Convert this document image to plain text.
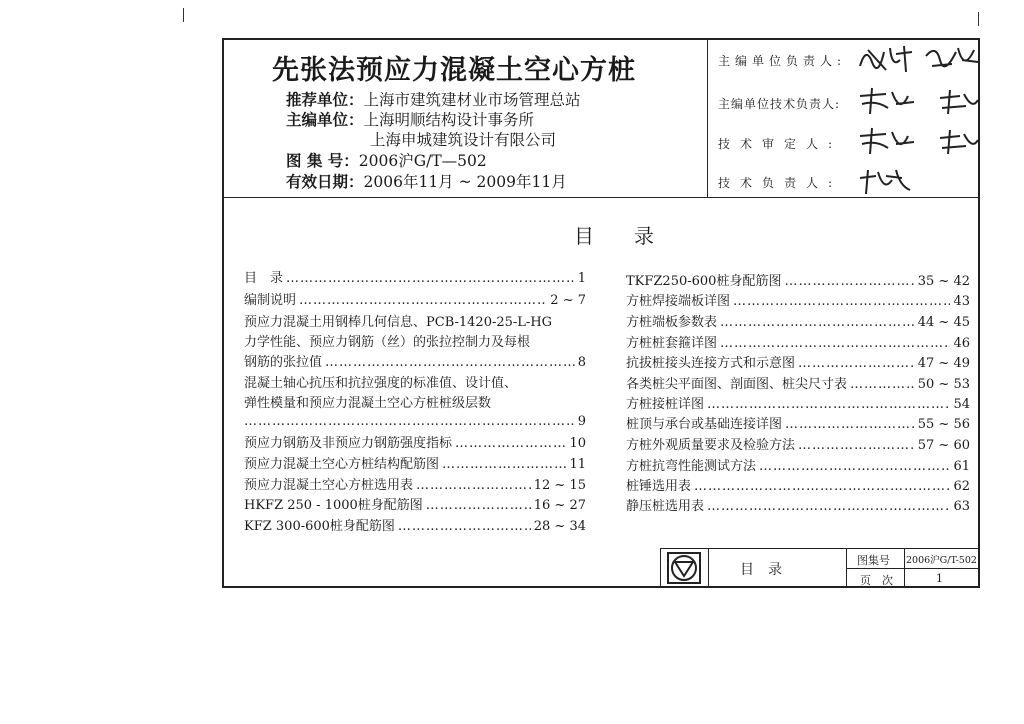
先张法预应力混凝土空心方桩
推荐单位：上海市建筑建材业市场管理总站
主编单位：上海明顺结构设计事务所
上海申城建筑设计有限公司
图 集 号：2006沪G/T—502
有效日期：2006年11月 ~ 2009年11月
主编单位负责人:
主编单位技术负责人:
技术审定人:
技术负责人:
目　　录
目　录 …………………………………………………………………………………………………………………………………………	1
编制说明 …………………………………………………………………………………………………………………………………………	2 ~ 7
预应力混凝土用钢棒几何信息、PCB-1420-25-L-HG
力学性能、预应力钢筋（丝）的张拉控制力及每根
钢筋的张拉值 …………………………………………………………………………………………………………………………………………	8
混凝土轴心抗压和抗拉强度的标准值、设计值、
弹性模量和预应力混凝土空心方桩桩级层数
…………………………………………………………………………………………………………………………………………
9
预应力钢筋及非预应力钢筋强度指标 …………………………………………………………………………………………………………………………………………	10
预应力混凝土空心方桩结构配筋图 …………………………………………………………………………………………………………………………………………	11
预应力混凝土空心方桩选用表 …………………………………………………………………………………………………………………………………………	12 ~ 15
HKFZ 250 - 1000桩身配筋图 …………………………………………………………………………………………………………………………………………	16 ~ 27
KFZ 300-600桩身配筋图 …………………………………………………………………………………………………………………………………………	28 ~ 34
TKFZ250-600桩身配筋图 …………………………………………………………………………………………………………………………………………	35 ~ 42
方桩焊接端板详图 …………………………………………………………………………………………………………………………………………	43
方桩端板参数表 …………………………………………………………………………………………………………………………………………	44 ~ 45
方桩桩套箍详图 …………………………………………………………………………………………………………………………………………	46
抗拔桩接头连接方式和示意图 …………………………………………………………………………………………………………………………………………	47 ~ 49
各类桩尖平面图、剖面图、桩尖尺寸表 …………………………………………………………………………………………………………………………………………	50 ~ 53
方桩接桩详图 …………………………………………………………………………………………………………………………………………	54
桩顶与承台或基础连接详图 …………………………………………………………………………………………………………………………………………	55 ~ 56
方桩外观质量要求及检验方法 …………………………………………………………………………………………………………………………………………	57 ~ 60
方桩抗弯性能测试方法 …………………………………………………………………………………………………………………………………………	61
桩锤选用表 …………………………………………………………………………………………………………………………………………	62
静压桩选用表 …………………………………………………………………………………………………………………………………………	63
目　录
图集号 2006沪G/T-502
页　次	1
